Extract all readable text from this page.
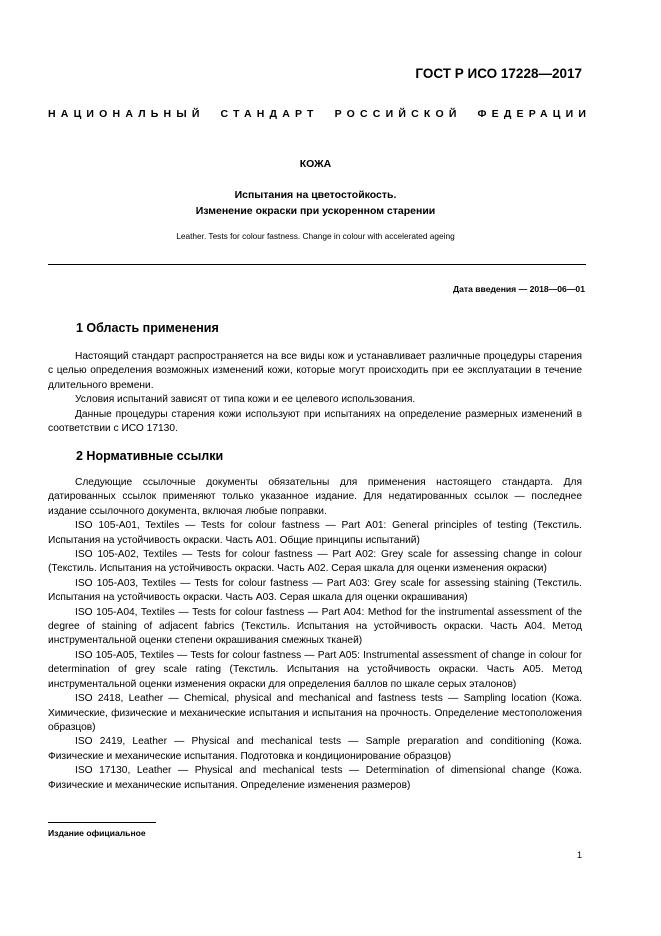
ГОСТ Р ИСО 17228—2017
НАЦИОНАЛЬНЫЙ СТАНДАРТ РОССИЙСКОЙ ФЕДЕРАЦИИ
КОЖА
Испытания на цветостойкость.
Изменение окраски при ускоренном старении
Leather. Tests for colour fastness. Change in colour with accelerated ageing
Дата введения — 2018—06—01
1 Область применения

Настоящий стандарт распространяется на все виды кож и устанавливает различные процедуры старения с целью определения возможных изменений кожи, которые могут происходить при ее эксплуатации в течение длительного времени.

Условия испытаний зависят от типа кожи и ее целевого использования.

Данные процедуры старения кожи используют при испытаниях на определение размерных изменений в соответствии с ИСО 17130.

2 Нормативные ссылки

Следующие ссылочные документы обязательны для применения настоящего стандарта. Для датированных ссылок применяют только указанное издание. Для недатированных ссылок — последнее издание ссылочного документа, включая любые поправки.

ISO 105-A01, Textiles — Tests for colour fastness — Part A01: General principles of testing (Текстиль. Испытания на устойчивость окраски. Часть A01. Общие принципы испытаний)

ISO 105-A02, Textiles — Tests for colour fastness — Part A02: Grey scale for assessing change in colour (Текстиль. Испытания на устойчивость окраски. Часть A02. Серая шкала для оценки изменения окраски)

ISO 105-A03, Textiles — Tests for colour fastness — Part A03: Grey scale for assessing staining (Текстиль. Испытания на устойчивость окраски. Часть A03. Серая шкала для оценки окрашивания)

ISO 105-A04, Textiles — Tests for colour fastness — Part A04: Method for the instrumental assessment of the degree of staining of adjacent fabrics (Текстиль. Испытания на устойчивость окраски. Часть A04. Метод инструментальной оценки степени окрашивания смежных тканей)

ISO 105-A05, Textiles — Tests for colour fastness — Part A05: Instrumental assessment of change in colour for determination of grey scale rating (Текстиль. Испытания на устойчивость окраски. Часть A05. Метод инструментальной оценки изменения окраски для определения баллов по шкале серых эталонов)

ISO 2418, Leather — Chemical, physical and mechanical and fastness tests — Sampling location (Кожа. Химические, физические и механические испытания и испытания на прочность. Определение местоположения образцов)

ISO 2419, Leather — Physical and mechanical tests — Sample preparation and conditioning (Кожа. Физические и механические испытания. Подготовка и кондиционирование образцов)

ISO 17130, Leather — Physical and mechanical tests — Determination of dimensional change (Кожа. Физические и механические испытания. Определение изменения размеров)

Издание официальное
1
